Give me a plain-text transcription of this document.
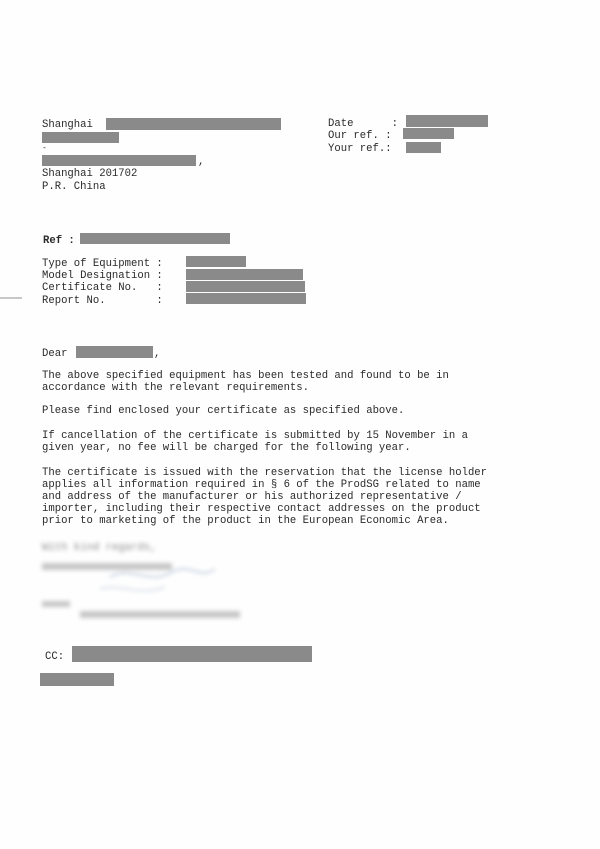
Shanghai
-
,
Shanghai 201702
P.R. China
Date      :
Our ref. :
Your ref.:
Ref :
Type of Equipment :
Model Designation :
Certificate No.   :
Report No.        :
Dear	,
The above specified equipment has been tested and found to be in
accordance with the relevant requirements.
Please find enclosed your certificate as specified above.
If cancellation of the certificate is submitted by 15 November in a
given year, no fee will be charged for the following year.
The certificate is issued with the reservation that the license holder
applies all information required in § 6 of the ProdSG related to name
and address of the manufacturer or his authorized representative /
importer, including their respective contact addresses on the product
prior to marketing of the product in the European Economic Area.
With kind regards,
CC:
